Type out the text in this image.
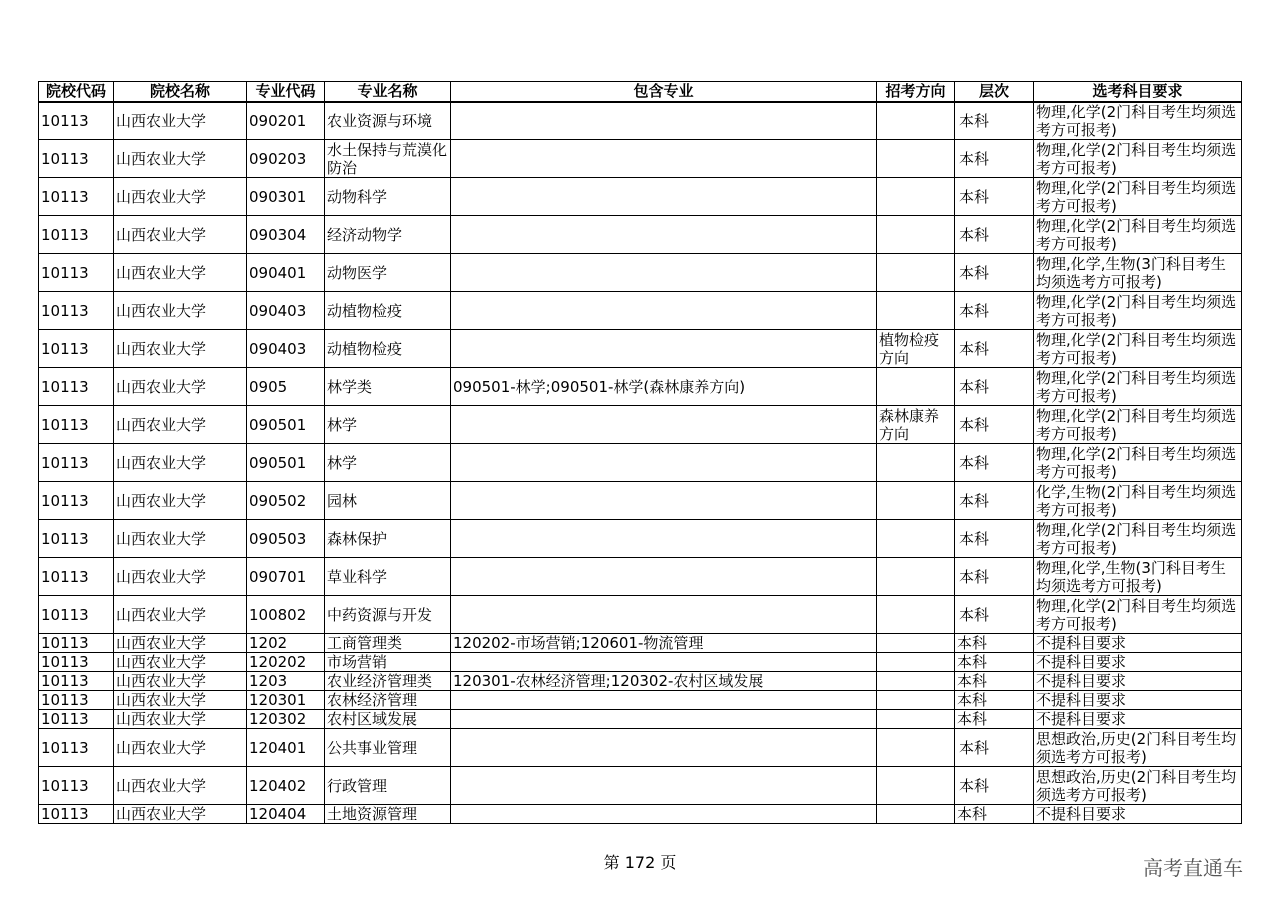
院校代码	院校名称	专业代码	专业名称	包含专业	招考方向	层次	选考科目要求
10113	山西农业大学	090201	农业资源与环境			本科	物理,化学(2门科目考生均须选考方可报考)
10113	山西农业大学	090203	水土保持与荒漠化防治			本科	物理,化学(2门科目考生均须选考方可报考)
10113	山西农业大学	090301	动物科学			本科	物理,化学(2门科目考生均须选考方可报考)
10113	山西农业大学	090304	经济动物学			本科	物理,化学(2门科目考生均须选考方可报考)
10113	山西农业大学	090401	动物医学			本科	物理,化学,生物(3门科目考生均须选考方可报考)
10113	山西农业大学	090403	动植物检疫			本科	物理,化学(2门科目考生均须选考方可报考)
10113	山西农业大学	090403	动植物检疫		植物检疫方向	本科	物理,化学(2门科目考生均须选考方可报考)
10113	山西农业大学	0905	林学类	090501-林学;090501-林学(森林康养方向)		本科	物理,化学(2门科目考生均须选考方可报考)
10113	山西农业大学	090501	林学		森林康养方向	本科	物理,化学(2门科目考生均须选考方可报考)
10113	山西农业大学	090501	林学			本科	物理,化学(2门科目考生均须选考方可报考)
10113	山西农业大学	090502	园林			本科	化学,生物(2门科目考生均须选考方可报考)
10113	山西农业大学	090503	森林保护			本科	物理,化学(2门科目考生均须选考方可报考)
10113	山西农业大学	090701	草业科学			本科	物理,化学,生物(3门科目考生均须选考方可报考)
10113	山西农业大学	100802	中药资源与开发			本科	物理,化学(2门科目考生均须选考方可报考)
10113	山西农业大学	1202	工商管理类	120202-市场营销;120601-物流管理		本科	不提科目要求
10113	山西农业大学	120202	市场营销			本科	不提科目要求
10113	山西农业大学	1203	农业经济管理类	120301-农林经济管理;120302-农村区域发展		本科	不提科目要求
10113	山西农业大学	120301	农林经济管理			本科	不提科目要求
10113	山西农业大学	120302	农村区域发展			本科	不提科目要求
10113	山西农业大学	120401	公共事业管理			本科	思想政治,历史(2门科目考生均须选考方可报考)
10113	山西农业大学	120402	行政管理			本科	思想政治,历史(2门科目考生均须选考方可报考)
10113	山西农业大学	120404	土地资源管理			本科	不提科目要求
第 172 页	高考直通车
